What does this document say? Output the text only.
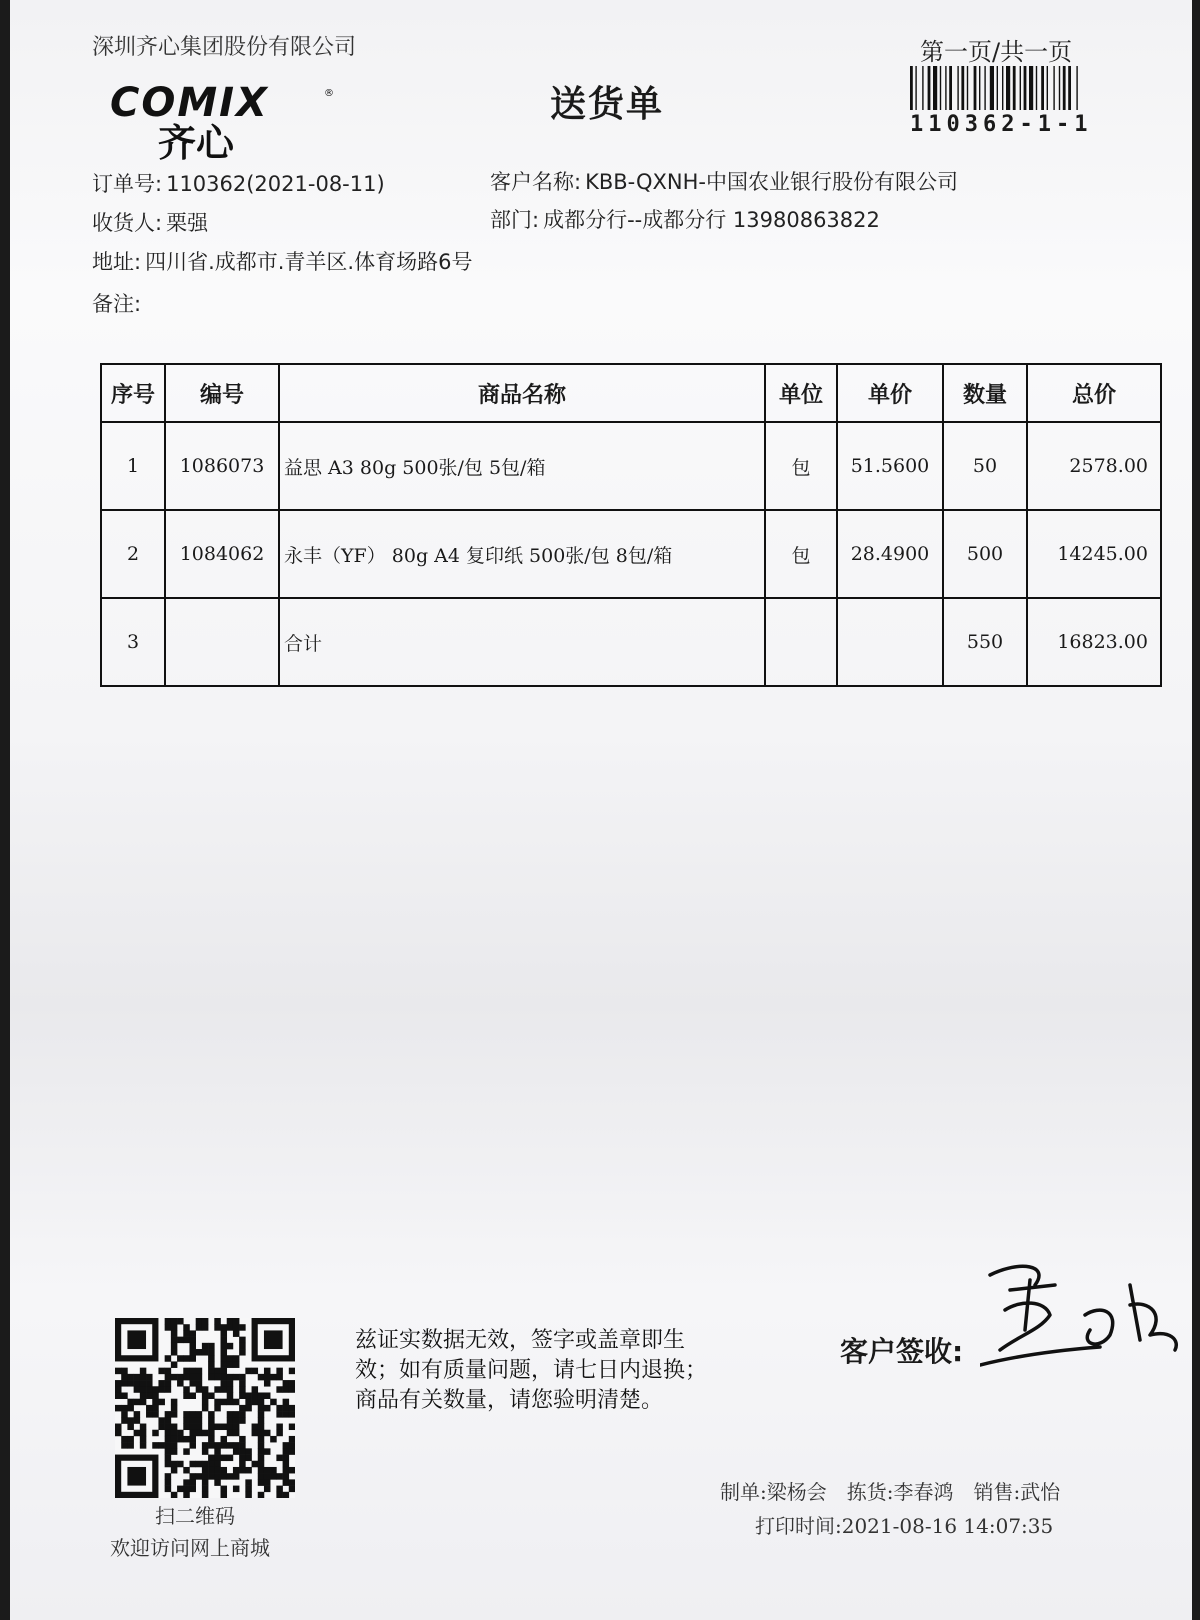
深圳齐心集团股份有限公司
COMIX	®
齐心
送货单
第一页/共一页
110362-1-1
订单号: 110362(2021-08-11)	客户名称: KBB-QXNH-中国农业银行股份有限公司
收货人: 栗强	部门: 成都分行--成都分行 13980863822
地址: 四川省.成都市.青羊区.体育场路6号
备注:
序号	编号	商品名称	单位	单价	数量	总价
1	1086073	益思 A3 80g 500张/包 5包/箱	包	51.5600	50	2578.00
2	1084062	永丰（YF） 80g A4 复印纸 500张/包 8包/箱	包	28.4900	500	14245.00
3		合计			550	16823.00
扫二维码
欢迎访问网上商城
兹证实数据无效，签字或盖章即生
效；如有质量问题，请七日内退换；
商品有关数量，请您验明清楚。
客户签收:
制单:梁杨会 拣货:李春鸿 销售:武怡
打印时间:2021-08-16 14:07:35
